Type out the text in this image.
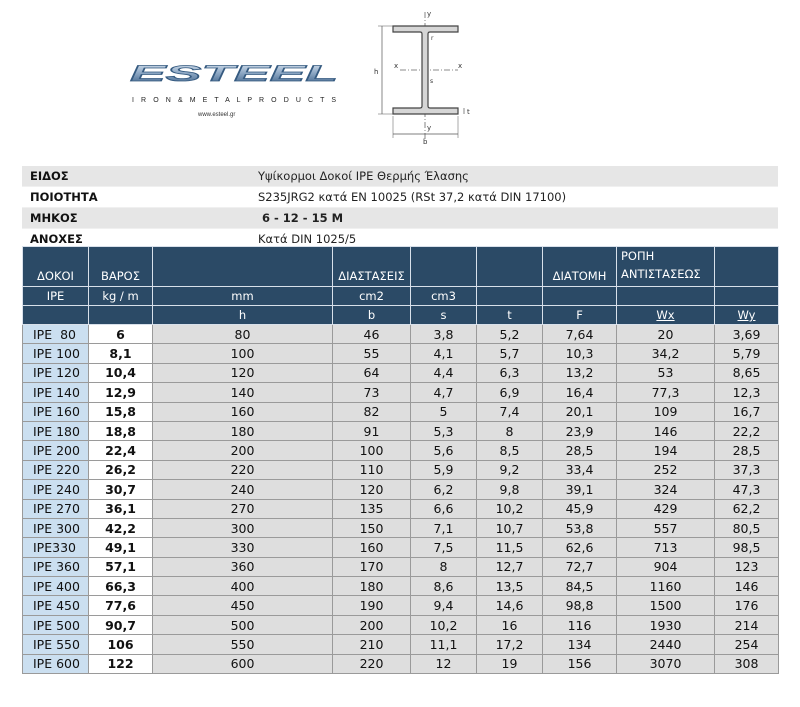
ESTEEL
I R O N & M E T A L P R O D U C T S
www.esteel.gr
y
y
x	x
h
b
s
t
r
ΕΙΔΟΣ	Υψίκορμοι Δοκοί IPE Θερμής Έλασης
ΠΟΙΟΤΗΤΑ	S235JRG2 κατά EN 10025 (RSt 37,2 κατά DIN 17100)
ΜΗΚΟΣ	6 - 12 - 15 M
ΑΝΟΧΕΣ	Κατά DIN 1025/5
ΔΟΚΟΙ	ΒΑΡΟΣ		ΔΙΑΣΤΑΣΕΙΣ			ΔΙΑΤΟΜΗ	ΡΟΠΗ ΑΝΤΙΣΤΑΣΕΩΣ	
IPE	kg / m	mm	cm2	cm3				
		h	b	s	t	F	Wx	Wy
IPE  80	6	80	46	3,8	5,2	7,64	20	3,69
IPE 100	8,1	100	55	4,1	5,7	10,3	34,2	5,79
IPE 120	10,4	120	64	4,4	6,3	13,2	53	8,65
IPE 140	12,9	140	73	4,7	6,9	16,4	77,3	12,3
IPE 160	15,8	160	82	5	7,4	20,1	109	16,7
IPE 180	18,8	180	91	5,3	8	23,9	146	22,2
IPE 200	22,4	200	100	5,6	8,5	28,5	194	28,5
IPE 220	26,2	220	110	5,9	9,2	33,4	252	37,3
IPE 240	30,7	240	120	6,2	9,8	39,1	324	47,3
IPE 270	36,1	270	135	6,6	10,2	45,9	429	62,2
IPE 300	42,2	300	150	7,1	10,7	53,8	557	80,5
IPE330	49,1	330	160	7,5	11,5	62,6	713	98,5
IPE 360	57,1	360	170	8	12,7	72,7	904	123
IPE 400	66,3	400	180	8,6	13,5	84,5	1160	146
IPE 450	77,6	450	190	9,4	14,6	98,8	1500	176
IPE 500	90,7	500	200	10,2	16	116	1930	214
IPE 550	106	550	210	11,1	17,2	134	2440	254
IPE 600	122	600	220	12	19	156	3070	308
